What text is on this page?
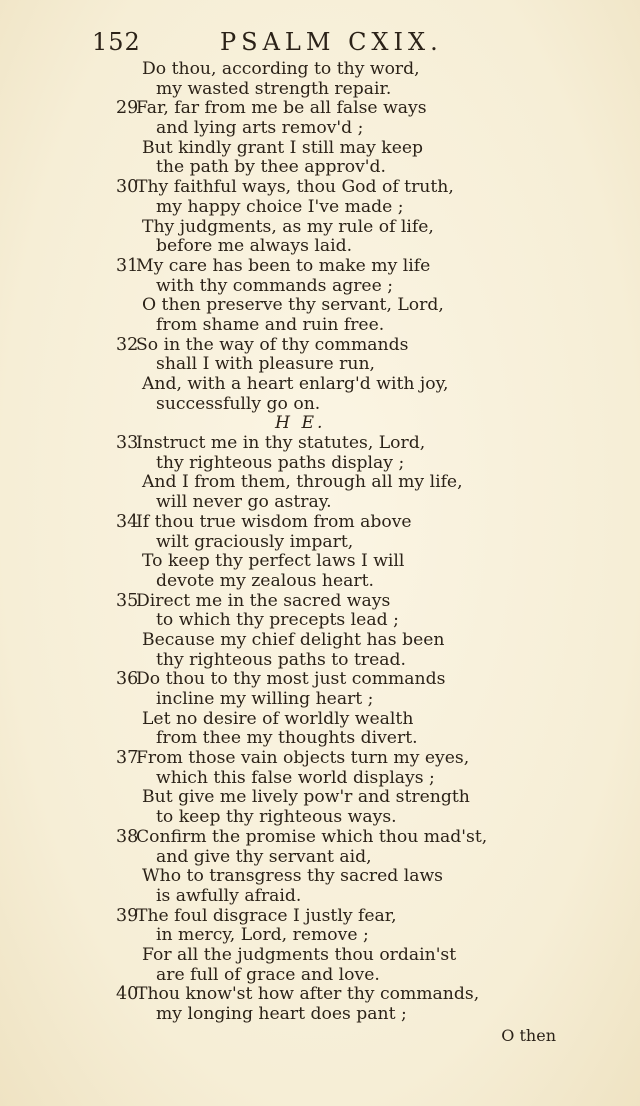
152	PSALM CXIX.
Do thou, according to thy word,
my wasted strength repair.
29
Far, far from me be all false ways
and lying arts remov'd ;
But kindly grant I still may keep
the path by thee approv'd.
30
Thy faithful ways, thou God of truth,
my happy choice I've made ;
Thy judgments, as my rule of life,
before me always laid.
31
My care has been to make my life
with thy commands agree ;
O then preserve thy servant, Lord,
from shame and ruin free.
32
So in the way of thy commands
shall I with pleasure run,
And, with a heart enlarg'd with joy,
successfully go on.
H E.
33
Instruct me in thy statutes, Lord,
thy righteous paths display ;
And I from them, through all my life,
will never go astray.
34
If thou true wisdom from above
wilt graciously impart,
To keep thy perfect laws I will
devote my zealous heart.
35
Direct me in the sacred ways
to which thy precepts lead ;
Because my chief delight has been
thy righteous paths to tread.
36
Do thou to thy most just commands
incline my willing heart ;
Let no desire of worldly wealth
from thee my thoughts divert.
37
From those vain objects turn my eyes,
which this false world displays ;
But give me lively pow'r and strength
to keep thy righteous ways.
38
Confirm the promise which thou mad'st,
and give thy servant aid,
Who to transgress thy sacred laws
is awfully afraid.
39
The foul disgrace I justly fear,
in mercy, Lord, remove ;
For all the judgments thou ordain'st
are full of grace and love.
40
Thou know'st how after thy commands,
my longing heart does pant ;
O then
